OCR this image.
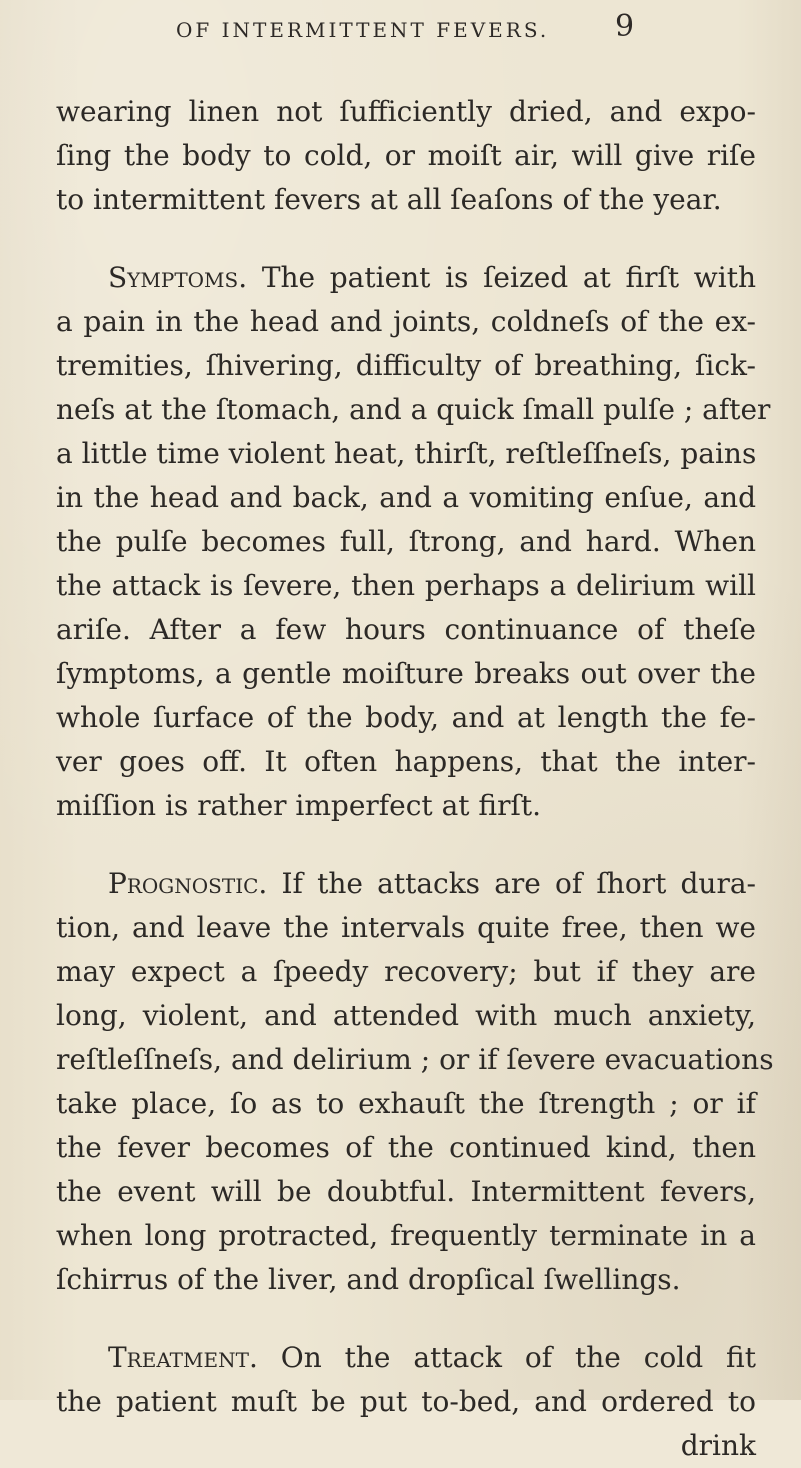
OF INTERMITTENT FEVERS. 9
wearing linen not ſufficiently dried, and expo-
ſing the body to cold, or moiſt air, will give riſe
to intermittent fevers at all ſeaſons of the year.
Symptoms. The patient is ſeized at firſt with
a pain in the head and joints, coldneſs of the ex-
tremities, ſhivering, difficulty of breathing, ſick-
neſs at the ſtomach, and a quick ſmall pulſe ; after
a little time violent heat, thirſt, reſtleſſneſs, pains
in the head and back, and a vomiting enſue, and
the pulſe becomes full, ſtrong, and hard. When
the attack is ſevere, then perhaps a delirium will
ariſe. After a few hours continuance of theſe
ſymptoms, a gentle moiſture breaks out over the
whole ſurface of the body, and at length the fe-
ver goes off. It often happens, that the inter-
miſſion is rather imperfect at firſt.
Prognostic. If the attacks are of ſhort dura-
tion, and leave the intervals quite free, then we
may expect a ſpeedy recovery; but if they are
long, violent, and attended with much anxiety,
reſtleſſneſs, and delirium ; or if ſevere evacuations
take place, ſo as to exhauſt the ſtrength ; or if
the fever becomes of the continued kind, then
the event will be doubtful. Intermittent fevers,
when long protracted, frequently terminate in a
ſchirrus of the liver, and dropſical ſwellings.
Treatment. On the attack of the cold fit
the patient muſt be put to-bed, and ordered to
drink
